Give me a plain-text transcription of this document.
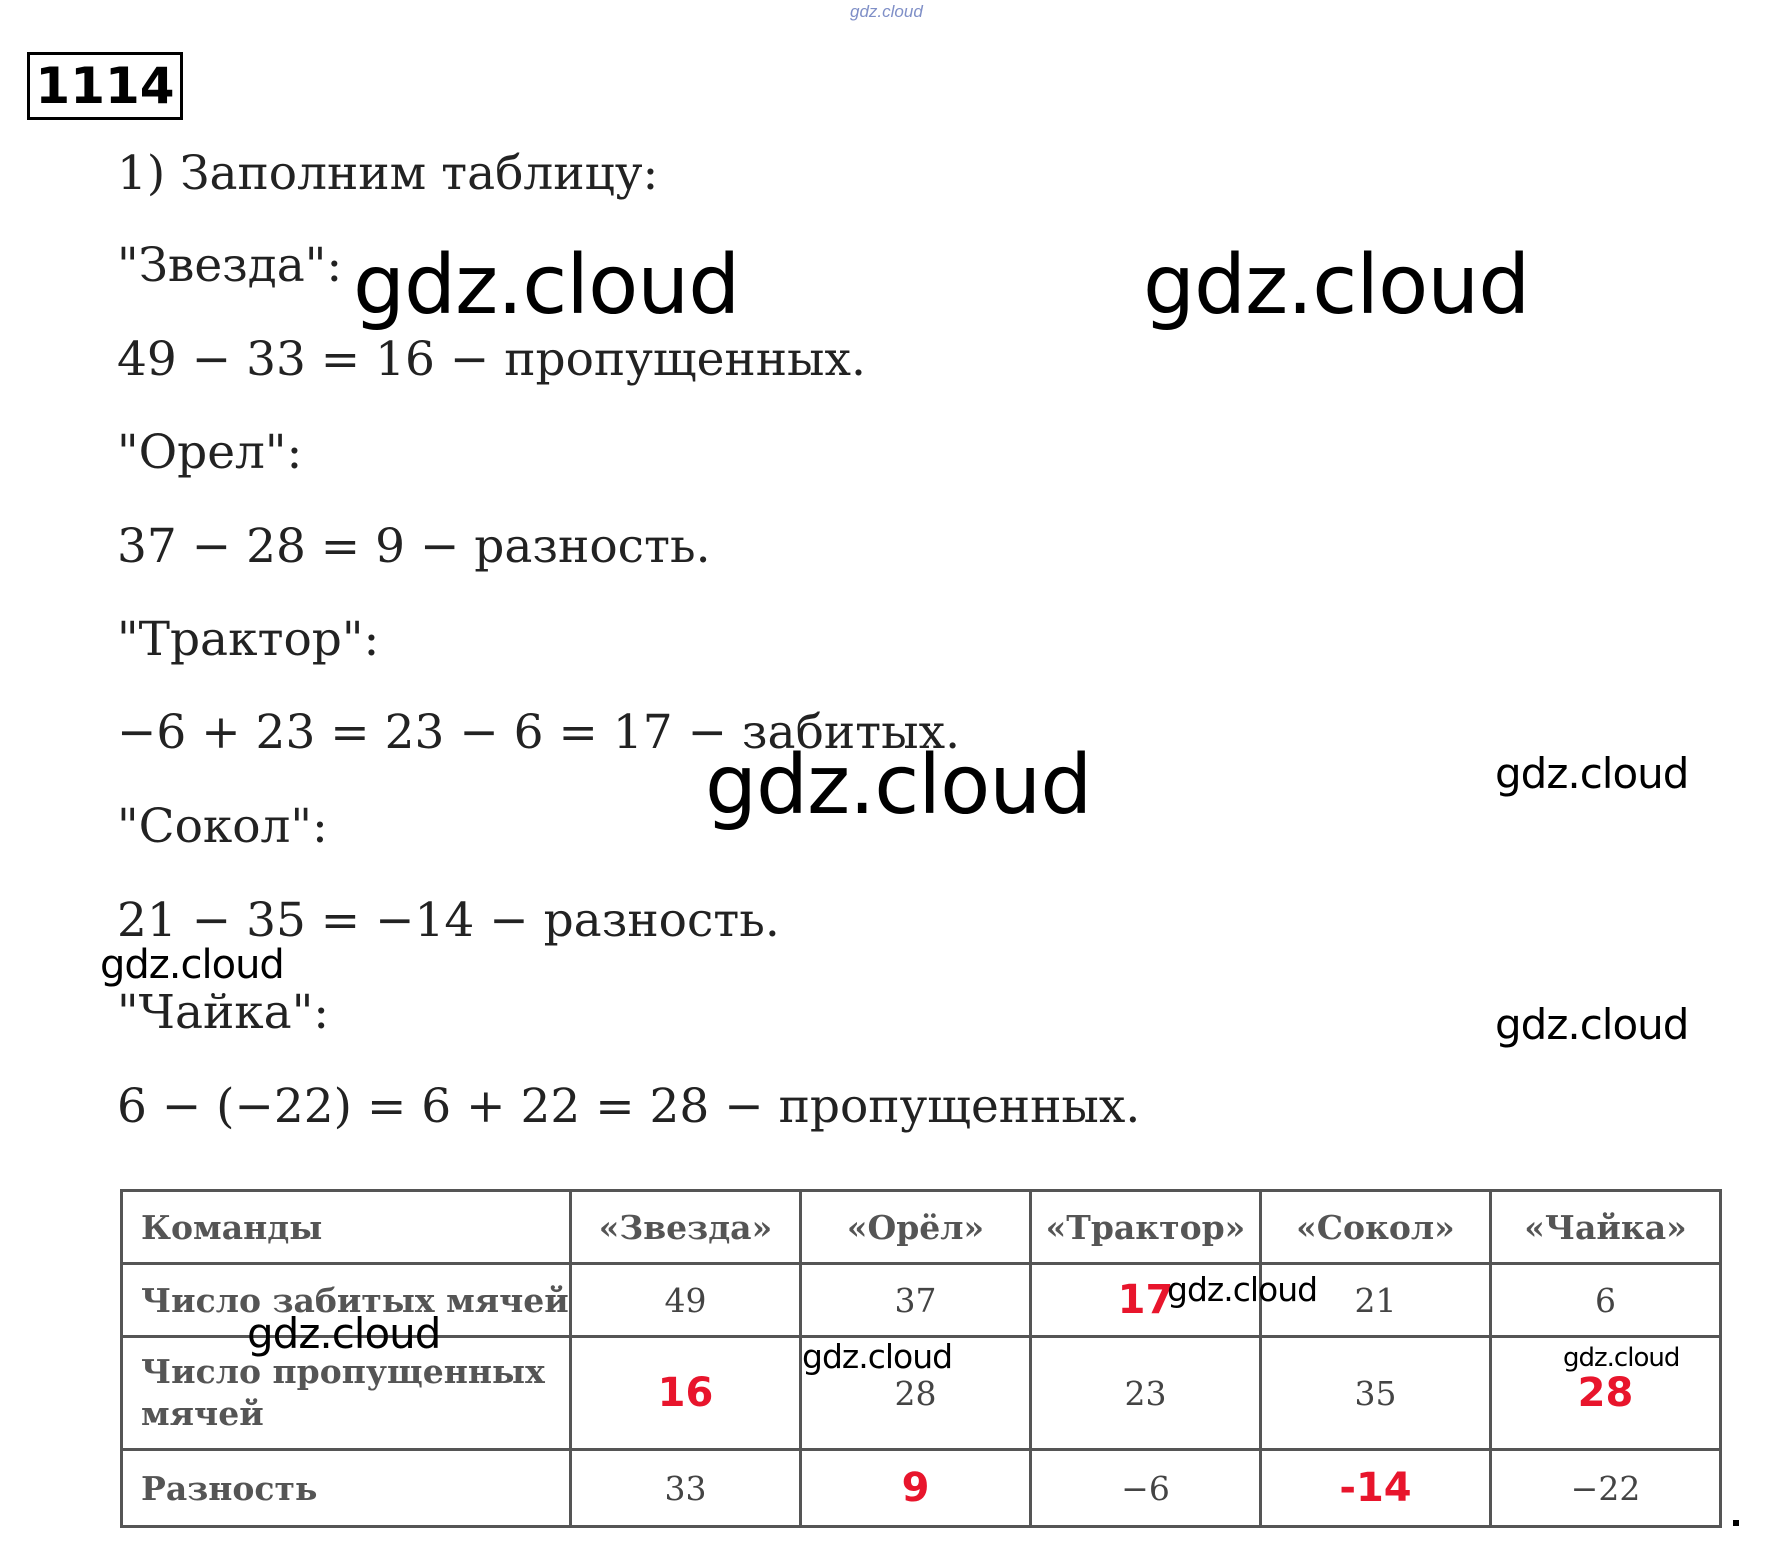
gdz.cloud
1114
1) Заполним таблицу:
"Звезда":
49 − 33 = 16 − пропущенных.
"Орел":
37 − 28 = 9 − разность.
"Трактор":
−6 + 23 = 23 − 6 = 17 − забитых.
"Сокол":
21 − 35 = −14 − разность.
"Чайка":
6 − (−22) = 6 + 22 = 28 − пропущенных.
gdz.cloud	gdz.cloud
gdz.cloud	gdz.cloud
gdz.cloud
gdz.cloud
Команды	«Звезда»	«Орёл»	«Трактор»	«Сокол»	«Чайка»
Число забитых мячей	49	37	17	21	6
Число пропущенных мячей	16	28	23	35	28
Разность	33	9	−6	-14	−22
gdz.cloud
gdz.cloud	gdz.cloud	gdz.cloud
